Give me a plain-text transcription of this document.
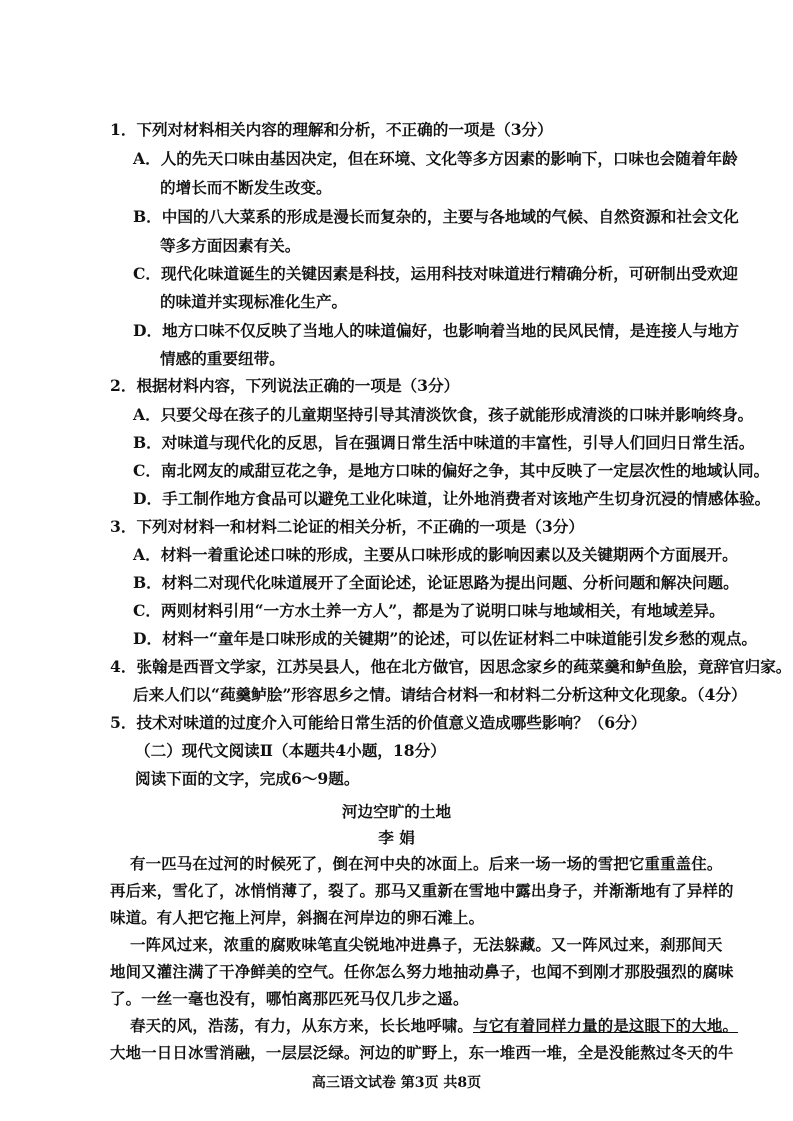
1．下列对材料相关内容的理解和分析，不正确的一项是（3分）
A．人的先天口味由基因决定，但在环境、文化等多方因素的影响下，口味也会随着年龄
的增长而不断发生改变。
B．中国的八大菜系的形成是漫长而复杂的，主要与各地域的气候、自然资源和社会文化
等多方面因素有关。
C．现代化味道诞生的关键因素是科技，运用科技对味道进行精确分析，可研制出受欢迎
的味道并实现标准化生产。
D．地方口味不仅反映了当地人的味道偏好，也影响着当地的民风民情，是连接人与地方
情感的重要纽带。
2．根据材料内容，下列说法正确的一项是（3分）
A．只要父母在孩子的儿童期坚持引导其清淡饮食，孩子就能形成清淡的口味并影响终身。
B．对味道与现代化的反思，旨在强调日常生活中味道的丰富性，引导人们回归日常生活。
C．南北网友的咸甜豆花之争，是地方口味的偏好之争，其中反映了一定层次性的地域认同。
D．手工制作地方食品可以避免工业化味道，让外地消费者对该地产生切身沉浸的情感体验。
3．下列对材料一和材料二论证的相关分析，不正确的一项是（3分）
A．材料一着重论述口味的形成，主要从口味形成的影响因素以及关键期两个方面展开。
B．材料二对现代化味道展开了全面论述，论证思路为提出问题、分析问题和解决问题。
C．两则材料引用“一方水土养一方人”，都是为了说明口味与地域相关，有地域差异。
D．材料一“童年是口味形成的关键期”的论述，可以佐证材料二中味道能引发乡愁的观点。
4．张翰是西晋文学家，江苏吴县人，他在北方做官，因思念家乡的莼菜羹和鲈鱼脍，竟辞官归家。
后来人们以“莼羹鲈脍”形容思乡之情。请结合材料一和材料二分析这种文化现象。（4分）
5．技术对味道的过度介入可能给日常生活的价值意义造成哪些影响？（6分）
（二）现代文阅读Ⅱ（本题共4小题，18分）
阅读下面的文字，完成6～9题。
河边空旷的土地
李 娟
有一匹马在过河的时候死了，倒在河中央的冰面上。后来一场一场的雪把它重重盖住。
再后来，雪化了，冰悄悄薄了，裂了。那马又重新在雪地中露出身子，并渐渐地有了异样的
味道。有人把它拖上河岸，斜搁在河岸边的卵石滩上。
一阵风过来，浓重的腐败味笔直尖锐地冲进鼻子，无法躲藏。又一阵风过来，刹那间天
地间又灌注满了干净鲜美的空气。任你怎么努力地抽动鼻子，也闻不到刚才那股强烈的腐味
了。一丝一毫也没有，哪怕离那匹死马仅几步之遥。
春天的风，浩荡，有力，从东方来，长长地呼啸。与它有着同样力量的是这眼下的大地。
大地一日日冰雪消融，一层层泛绿。河边的旷野上，东一堆西一堆，全是没能熬过冬天的牛
高三语文试卷 第3页 共8页
